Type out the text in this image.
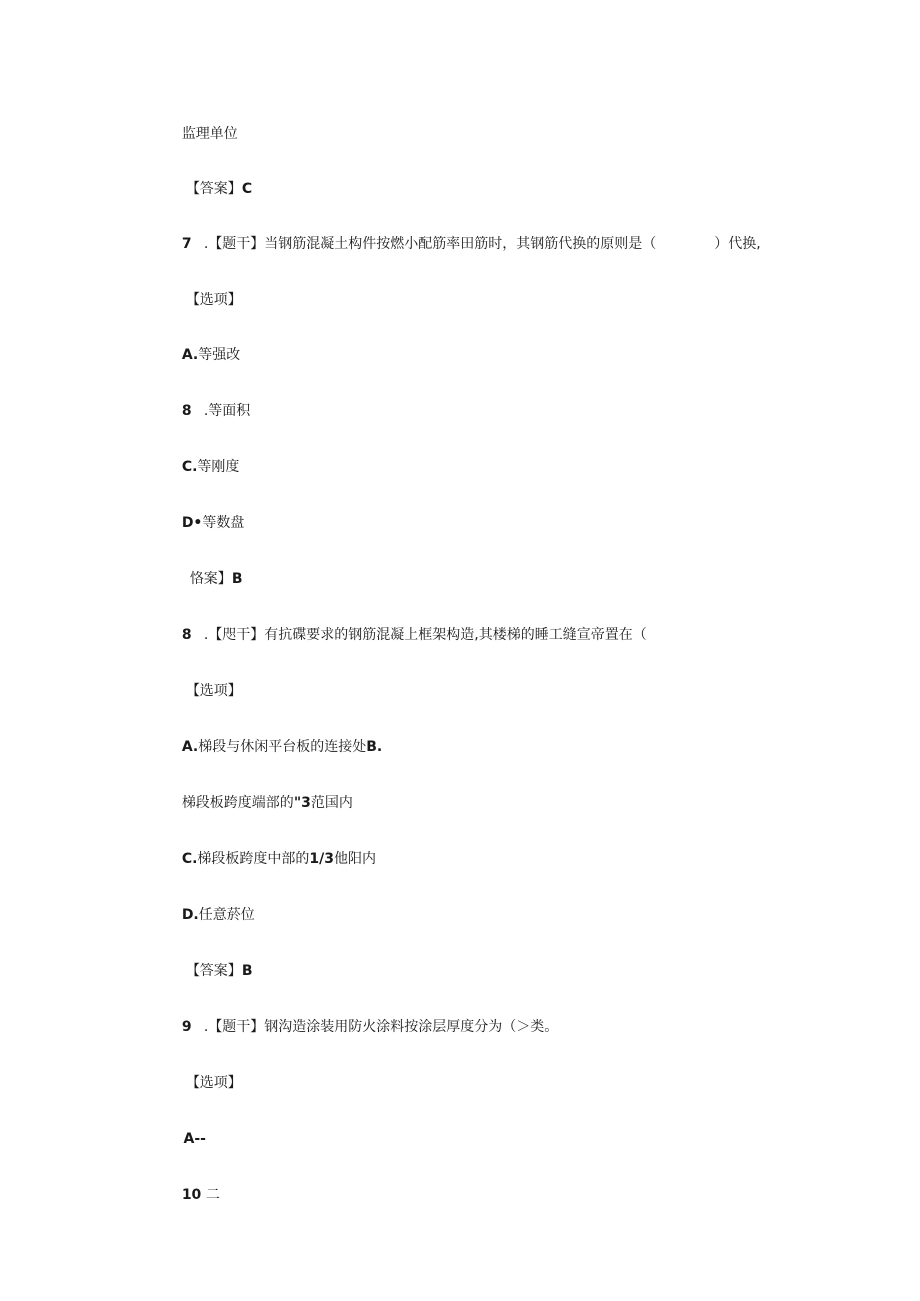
监理单位

【答案】C

7 .【题干】当钢筋混凝土构件按燃小配筋率田筋时，其钢筋代换的原则是（	）代换,

【选项】

A.等强改

8 .等面积

C.等刚度

D•等数盘

恪案】B

8 .【咫干】有抗碟要求的钢筋混凝上框架构造,其楼梯的睡工缝宣帝置在（

【选项】

A.梯段与休闲平台板的连接处B.

梯段板跨度端部的"3范国内

C.梯段板跨度中部的1/3他阳内

D.任意菸位

【答案】B

9 .【题干】钢沟造涂装用防火涂料按涂层厚度分为（＞类。

【选项】

A--

10 二
